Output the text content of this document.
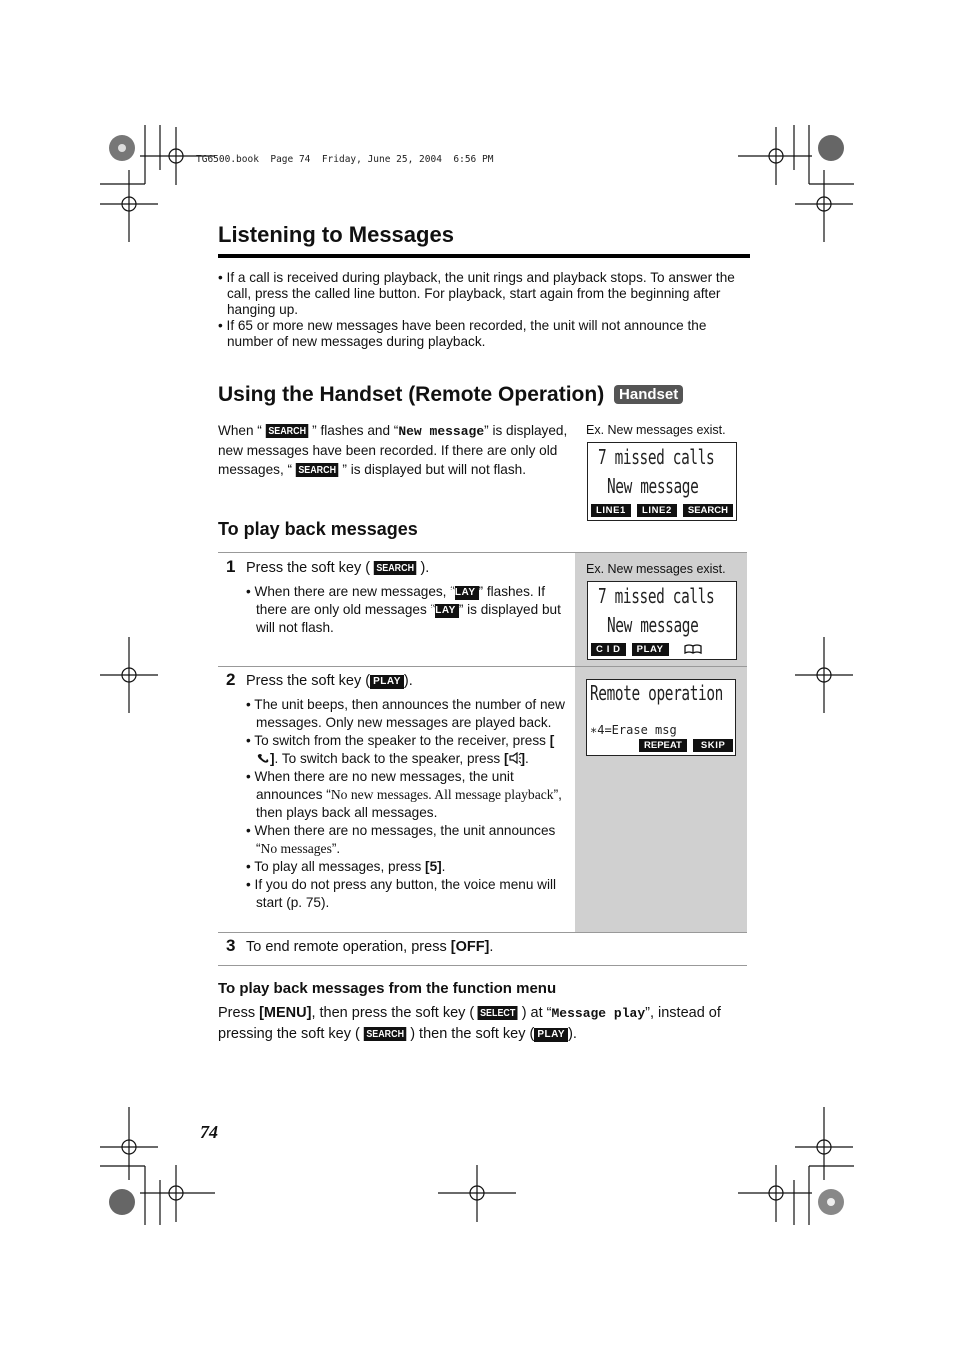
TG6500.book  Page 74  Friday, June 25, 2004  6:56 PM
Listening to Messages
• If a call is received during playback, the unit rings and playback stops. To answer the call, press the called line button. For playback, start again from the beginning after hanging up.
• If 65 or more new messages have been recorded, the unit will not announce the number of new messages during playback.
Using the Handset (Remote Operation) Handset
When “ SEARCH ” flashes and “New message” is displayed, new messages have been recorded. If there are only old messages, “ SEARCH ” is displayed but will not flash.
Ex. New messages exist.
7 missed calls
New message
LINE1	LINE2	SEARCH
To play back messages
1 Press the soft key ( SEARCH ).
• When there are new messages, “PLAY ” flashes. If there are only old messages “PLAY ” is displayed but will not flash.
Ex. New messages exist.
7 missed calls
New message
C I D	PLAY
2 Press the soft key ( PLAY ).
• The unit beeps, then announces the number of new messages. Only new messages are played back.
• To switch from the speaker to the receiver, press []. To switch back to the speaker, press [ ].
• When there are no new messages, the unit announces “No new messages. All message playback”, then plays back all messages.
• When there are no messages, the unit announces “No messages”.
• To play all messages, press [5].
• If you do not press any button, the voice menu will start (p. 75).
Remote operation
∗4=Erase msg
REPEAT	SKIP
3 To end remote operation, press [OFF].
To play back messages from the function menu
Press [MENU], then press the soft key ( SELECT ) at “Message play”, instead of pressing the soft key ( SEARCH ) then the soft key ( PLAY ).
74
